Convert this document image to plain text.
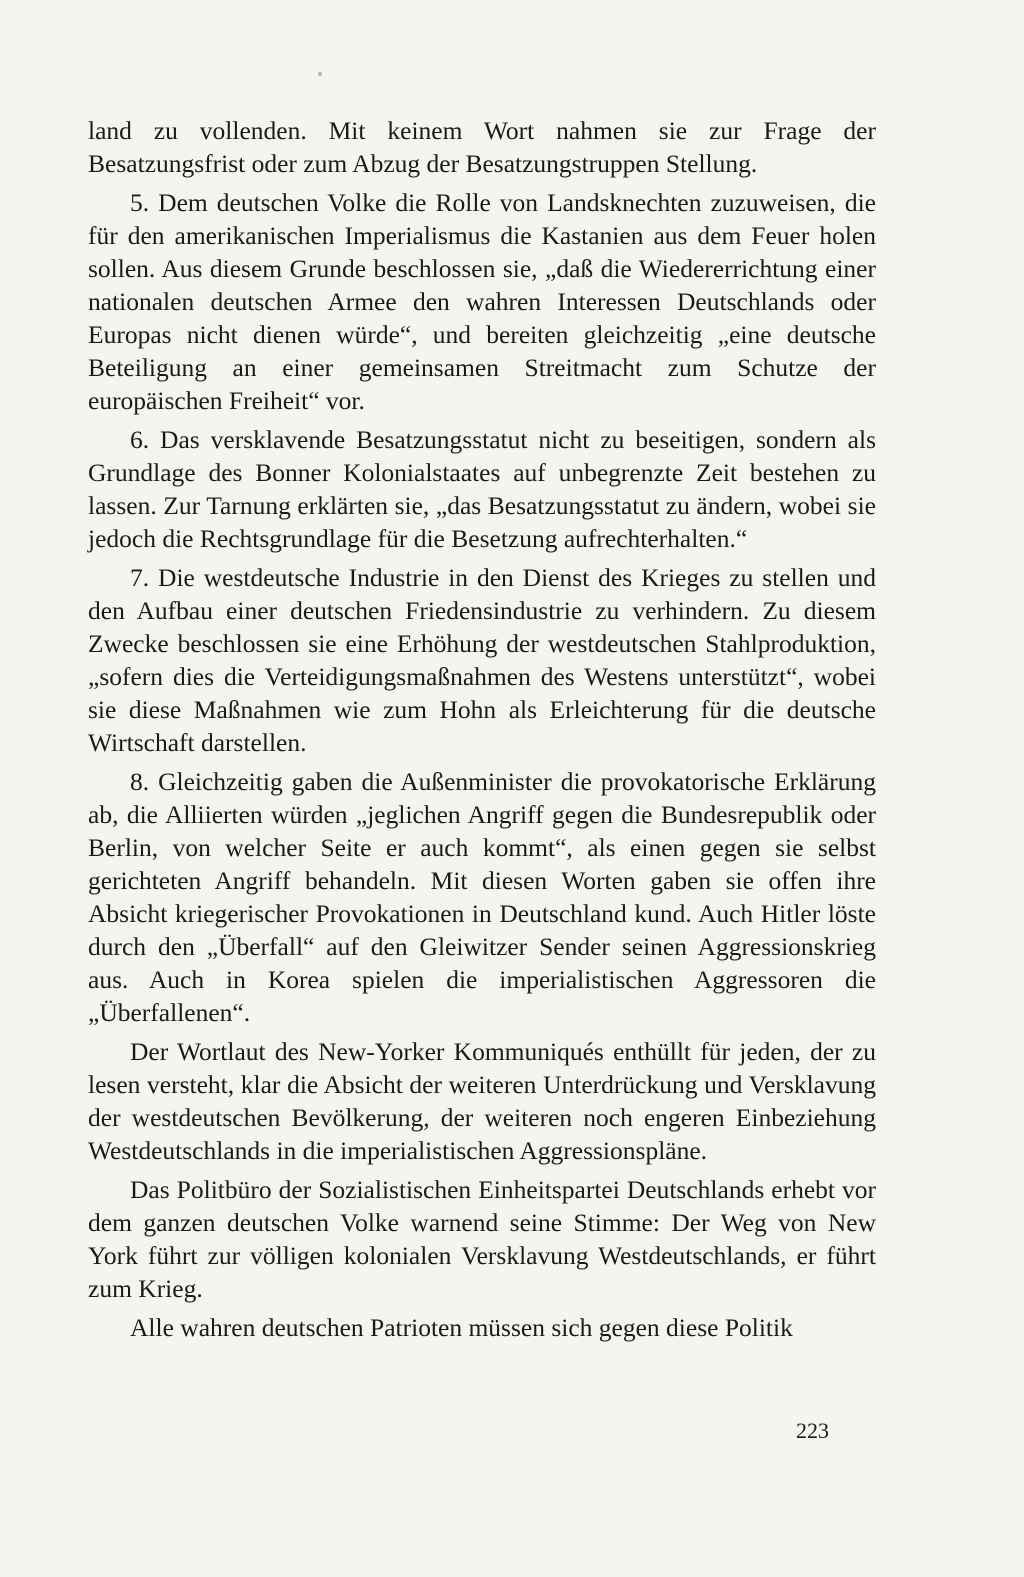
land zu vollenden. Mit keinem Wort nahmen sie zur Frage der Besatzungsfrist oder zum Abzug der Besatzungstruppen Stellung.

5. Dem deutschen Volke die Rolle von Landsknechten zuzuweisen, die für den amerikanischen Imperialismus die Kastanien aus dem Feuer holen sollen. Aus diesem Grunde beschlossen sie, „daß die Wiedererrichtung einer nationalen deutschen Armee den wahren Interessen Deutschlands oder Europas nicht dienen würde“, und bereiten gleichzeitig „eine deutsche Beteiligung an einer gemeinsamen Streitmacht zum Schutze der europäischen Freiheit“ vor.

6. Das versklavende Besatzungsstatut nicht zu beseitigen, sondern als Grundlage des Bonner Kolonialstaates auf unbegrenzte Zeit bestehen zu lassen. Zur Tarnung erklärten sie, „das Besatzungsstatut zu ändern, wobei sie jedoch die Rechtsgrundlage für die Besetzung aufrechterhalten.“

7. Die westdeutsche Industrie in den Dienst des Krieges zu stellen und den Aufbau einer deutschen Friedensindustrie zu verhindern. Zu diesem Zwecke beschlossen sie eine Erhöhung der westdeutschen Stahlproduktion, „sofern dies die Verteidigungsmaßnahmen des Westens unterstützt“, wobei sie diese Maßnahmen wie zum Hohn als Erleichterung für die deutsche Wirtschaft darstellen.

8. Gleichzeitig gaben die Außenminister die provokatorische Erklärung ab, die Alliierten würden „jeglichen Angriff gegen die Bundesrepublik oder Berlin, von welcher Seite er auch kommt“, als einen gegen sie selbst gerichteten Angriff behandeln. Mit diesen Worten gaben sie offen ihre Absicht kriegerischer Provokationen in Deutschland kund. Auch Hitler löste durch den „Überfall“ auf den Gleiwitzer Sender seinen Aggressionskrieg aus. Auch in Korea spielen die imperialistischen Aggressoren die „Überfallenen“.

Der Wortlaut des New-Yorker Kommuniqués enthüllt für jeden, der zu lesen versteht, klar die Absicht der weiteren Unterdrückung und Versklavung der westdeutschen Bevölkerung, der weiteren noch engeren Einbeziehung Westdeutschlands in die imperialistischen Aggressionspläne.

Das Politbüro der Sozialistischen Einheitspartei Deutschlands erhebt vor dem ganzen deutschen Volke warnend seine Stimme: Der Weg von New York führt zur völligen kolonialen Versklavung Westdeutschlands, er führt zum Krieg.

Alle wahren deutschen Patrioten müssen sich gegen diese Politik

223
